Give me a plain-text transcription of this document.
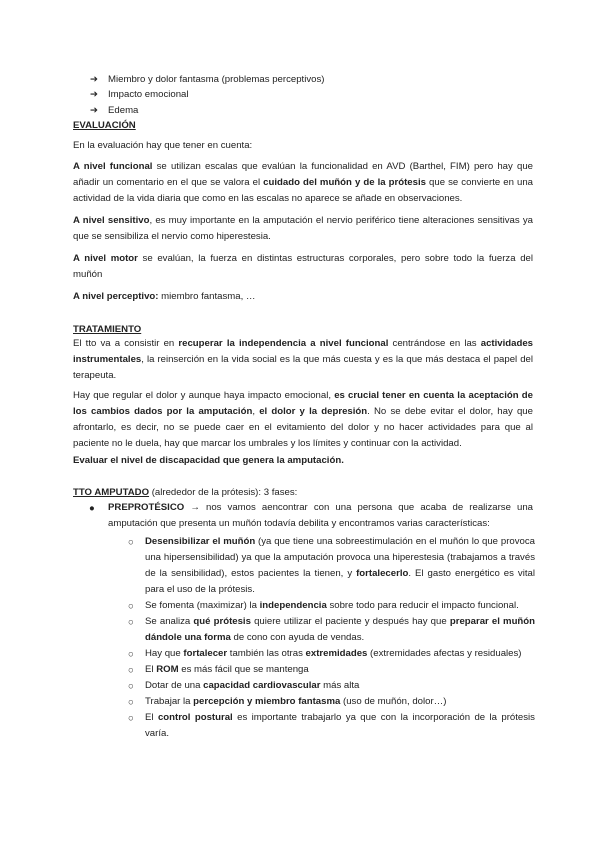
➔ Miembro y dolor fantasma (problemas perceptivos)
➔ Impacto emocional
➔ Edema
EVALUACIÓN
En la evaluación hay que tener en cuenta:
A nivel funcional se utilizan escalas que evalúan la funcionalidad en AVD (Barthel, FIM) pero hay que añadir un comentario en el que se valora el cuidado del muñón y de la prótesis que se convierte en una actividad de la vida diaria que como en las escalas no aparece se añade en observaciones.
A nivel sensitivo, es muy importante en la amputación el nervio periférico tiene alteraciones sensitivas ya que se sensibiliza el nervio como hiperestesia.
A nivel motor se evalúan, la fuerza en distintas estructuras corporales, pero sobre todo la fuerza del muñón
A nivel perceptivo: miembro fantasma, …
TRATAMIENTO
El tto va a consistir en recuperar la independencia a nivel funcional centrándose en las actividades instrumentales, la reinserción en la vida social es la que más cuesta y es la que más destaca el papel del terapeuta.
Hay que regular el dolor y aunque haya impacto emocional, es crucial tener en cuenta la aceptación de los cambios dados por la amputación, el dolor y la depresión. No se debe evitar el dolor, hay que afrontarlo, es decir, no se puede caer en el evitamiento del dolor y no hacer actividades para que al paciente no le duela, hay que marcar los umbrales y los límites y continuar con la actividad.
Evaluar el nivel de discapacidad que genera la amputación.
TTO AMPUTADO (alrededor de la prótesis): 3 fases:
● PREPROTÉSICO → nos vamos aencontrar con una persona que acaba de realizarse una amputación que presenta un muñón todavía debilita y encontramos varias características:
○ Desensibilizar el muñón (ya que tiene una sobreestimulación en el muñón lo que provoca una hipersensibilidad) ya que la amputación provoca una hiperestesia (trabajamos a través de la sensibilidad), estos pacientes la tienen, y fortalecerlo. El gasto energético es vital para el uso de la prótesis.
○ Se fomenta (maximizar) la independencia sobre todo para reducir el impacto funcional.
○ Se analiza qué prótesis quiere utilizar el paciente y después hay que preparar el muñón dándole una forma de cono con ayuda de vendas.
○ Hay que fortalecer también las otras extremidades (extremidades afectas y residuales)
○ El ROM es más fácil que se mantenga
○ Dotar de una capacidad cardiovascular más alta
○ Trabajar la percepción y miembro fantasma (uso de muñón, dolor…)
○ El control postural es importante trabajarlo ya que con la incorporación de la prótesis varía.
